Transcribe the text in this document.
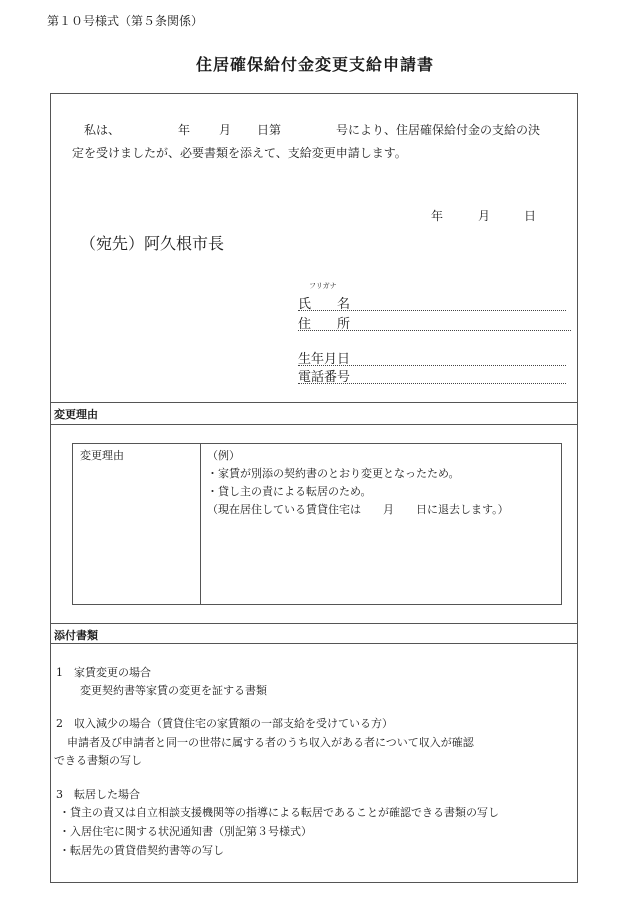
第１０号様式（第５条関係）
住居確保給付金変更支給申請書
私は、	年 月 日第	号により、住居確保給付金の支給の決
定を受けましたが、必要書類を添えて、支給変更申請します。
年	月	日
（宛先）阿久根市長
フリガナ
氏　　名
住　　所
生年月日
電話番号
変更理由
変更理由	（例）
・家賃が別添の契約書のとおり変更となったため。
・貸し主の責による転居のため。
（現在居住している賃貸住宅は　　月　　日に退去します。）
添付書類
1　家賃変更の場合
変更契約書等家賃の変更を証する書類
2　収入減少の場合（賃貸住宅の家賃額の一部支給を受けている方）
申請者及び申請者と同一の世帯に属する者のうち収入がある者について収入が確認
できる書類の写し
3　転居した場合
・貸主の責又は自立相談支援機関等の指導による転居であることが確認できる書類の写し
・入居住宅に関する状況通知書（別記第３号様式）
・転居先の賃貸借契約書等の写し
